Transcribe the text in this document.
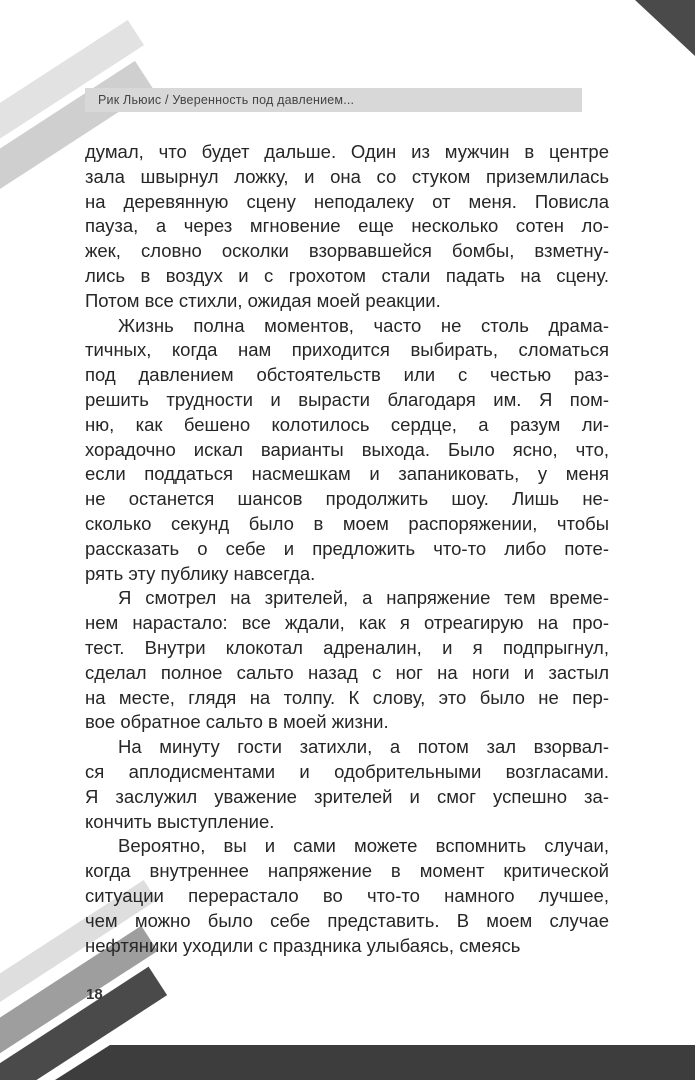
Рик Льюис / Уверенность под давлением...
думал, что будет дальше. Один из мужчин в центре
зала швырнул ложку, и она со стуком приземлилась
на деревянную сцену неподалеку от меня. Повисла
пауза, а через мгновение еще несколько сотен ло-
жек, словно осколки взорвавшейся бомбы, взметну-
лись в воздух и с грохотом стали падать на сцену.
Потом все стихли, ожидая моей реакции.
Жизнь полна моментов, часто не столь драма-
тичных, когда нам приходится выбирать, сломаться
под давлением обстоятельств или с честью раз-
решить трудности и вырасти благодаря им. Я пом-
ню, как бешено колотилось сердце, а разум ли-
хорадочно искал варианты выхода. Было ясно, что,
если поддаться насмешкам и запаниковать, у меня
не останется шансов продолжить шоу. Лишь не-
сколько секунд было в моем распоряжении, чтобы
рассказать о себе и предложить что-то либо поте-
рять эту публику навсегда.
Я смотрел на зрителей, а напряжение тем време-
нем нарастало: все ждали, как я отреагирую на про-
тест. Внутри клокотал адреналин, и я подпрыгнул,
сделал полное сальто назад с ног на ноги и застыл
на месте, глядя на толпу. К слову, это было не пер-
вое обратное сальто в моей жизни.
На минуту гости затихли, а потом зал взорвал-
ся аплодисментами и одобрительными возгласами.
Я заслужил уважение зрителей и смог успешно за-
кончить выступление.
Вероятно, вы и сами можете вспомнить случаи,
когда внутреннее напряжение в момент критической
ситуации перерастало во что-то намного лучшее,
чем можно было себе представить. В моем случае
нефтяники уходили с праздника улыбаясь, смеясь
18
